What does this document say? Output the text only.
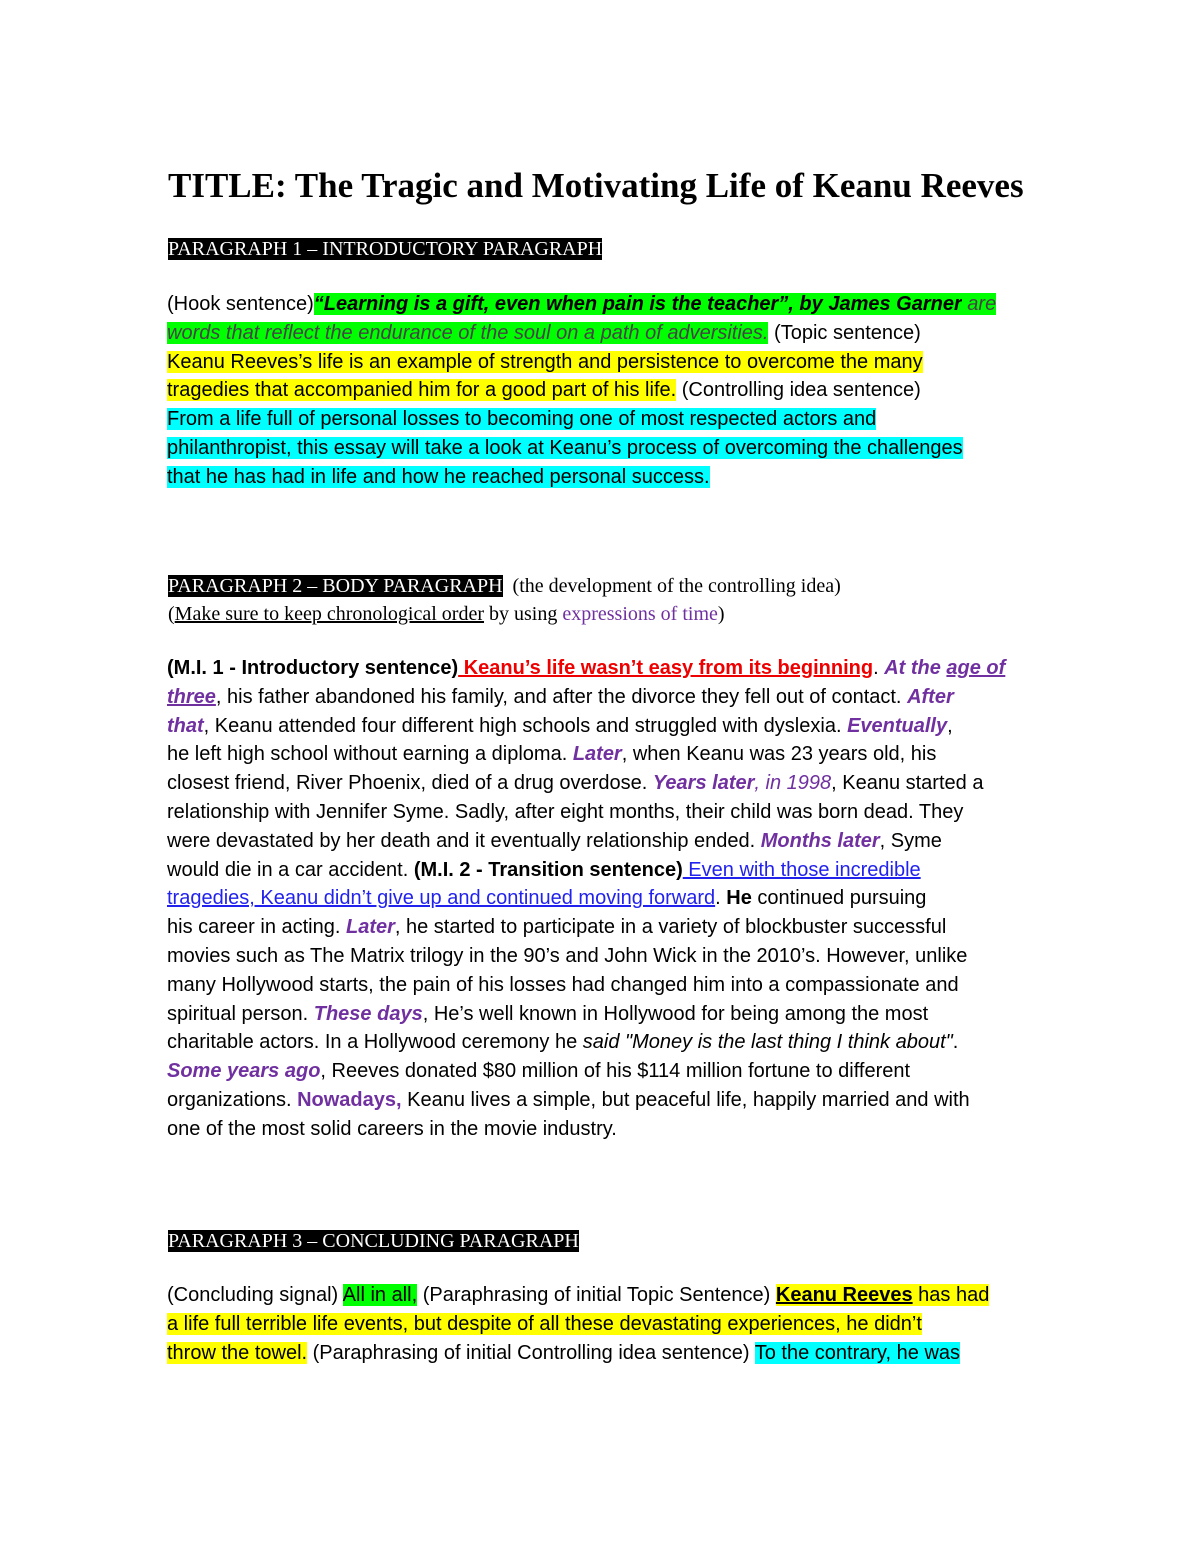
TITLE: The Tragic and Motivating Life of Keanu Reeves
PARAGRAPH 1 – INTRODUCTORY PARAGRAPH
(Hook sentence)“Learning is a gift, even when pain is the teacher”, by James Garner are
words that reflect the endurance of the soul on a path of adversities. (Topic sentence)
Keanu Reeves’s life is an example of strength and persistence to overcome the many
tragedies that accompanied him for a good part of his life. (Controlling idea sentence)
From a life full of personal losses to becoming one of most respected actors and
philanthropist, this essay will take a look at Keanu’s process of overcoming the challenges
that he has had in life and how he reached personal success.
PARAGRAPH 2 – BODY PARAGRAPH (the development of the controlling idea)
(Make sure to keep chronological order by using expressions of time)
(M.I. 1 - Introductory sentence) Keanu’s life wasn’t easy from its beginning. At the age of
three, his father abandoned his family, and after the divorce they fell out of contact. After
that, Keanu attended four different high schools and struggled with dyslexia. Eventually,
he left high school without earning a diploma. Later, when Keanu was 23 years old, his
closest friend, River Phoenix, died of a drug overdose. Years later, in 1998, Keanu started a
relationship with Jennifer Syme. Sadly, after eight months, their child was born dead. They
were devastated by her death and it eventually relationship ended. Months later, Syme
would die in a car accident. (M.I. 2 - Transition sentence) Even with those incredible
tragedies, Keanu didn’t give up and continued moving forward. He continued pursuing
his career in acting. Later, he started to participate in a variety of blockbuster successful
movies such as The Matrix trilogy in the 90’s and John Wick in the 2010’s. However, unlike
many Hollywood starts, the pain of his losses had changed him into a compassionate and
spiritual person. These days, He’s well known in Hollywood for being among the most
charitable actors. In a Hollywood ceremony he said "Money is the last thing I think about".
Some years ago, Reeves donated $80 million of his $114 million fortune to different
organizations. Nowadays, Keanu lives a simple, but peaceful life, happily married and with
one of the most solid careers in the movie industry.
PARAGRAPH 3 – CONCLUDING PARAGRAPH
(Concluding signal) All in all, (Paraphrasing of initial Topic Sentence) Keanu Reeves has had
a life full terrible life events, but despite of all these devastating experiences, he didn’t
throw the towel. (Paraphrasing of initial Controlling idea sentence) To the contrary, he was
